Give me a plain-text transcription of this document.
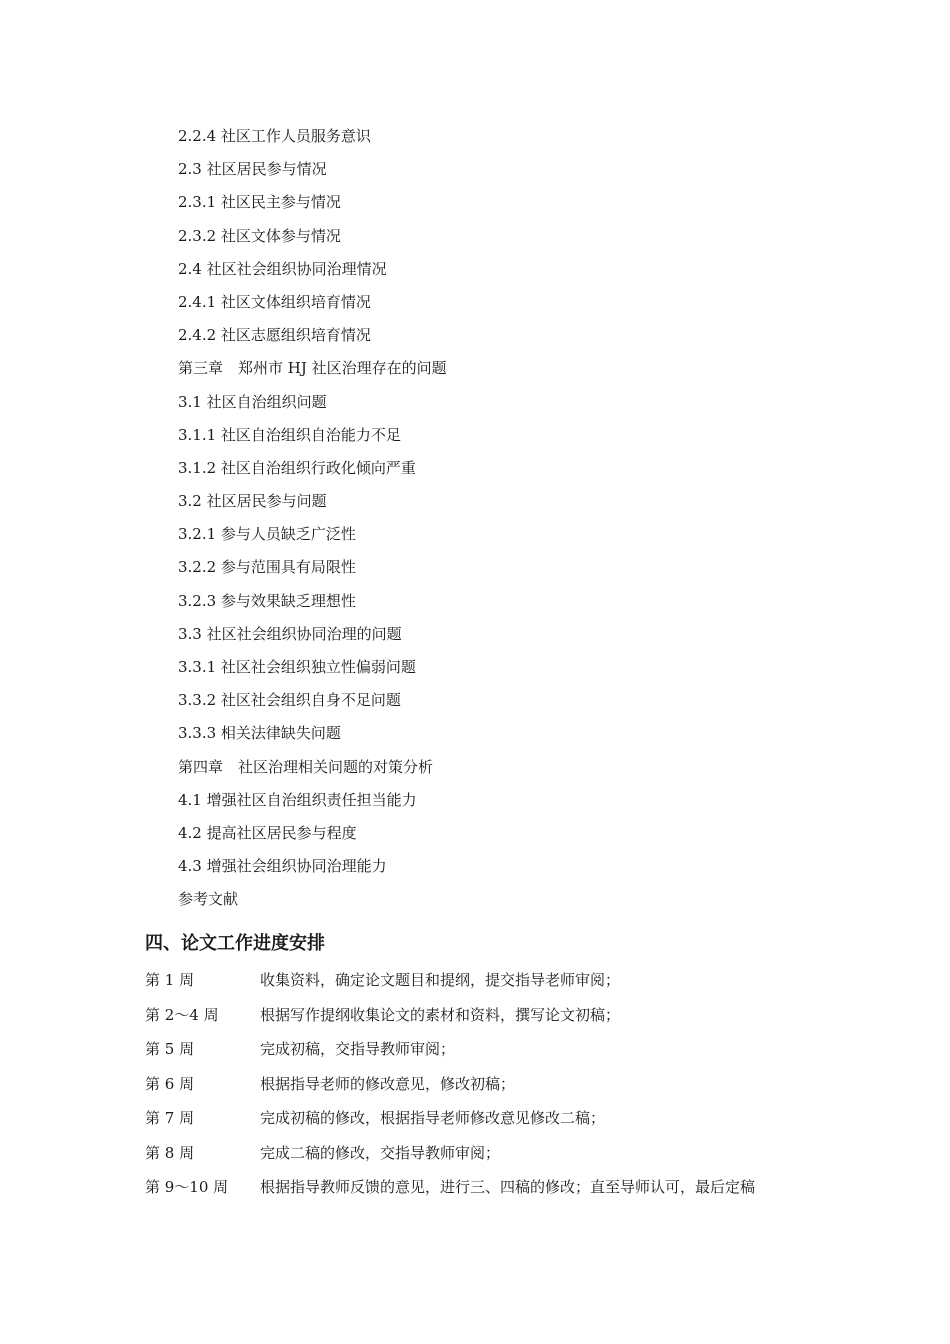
2.2.4 社区工作人员服务意识
2.3 社区居民参与情况
2.3.1 社区民主参与情况
2.3.2 社区文体参与情况
2.4 社区社会组织协同治理情况
2.4.1 社区文体组织培育情况
2.4.2 社区志愿组织培育情况
第三章　郑州市 HJ 社区治理存在的问题
3.1 社区自治组织问题
3.1.1 社区自治组织自治能力不足
3.1.2 社区自治组织行政化倾向严重
3.2 社区居民参与问题
3.2.1 参与人员缺乏广泛性
3.2.2 参与范围具有局限性
3.2.3 参与效果缺乏理想性
3.3 社区社会组织协同治理的问题
3.3.1 社区社会组织独立性偏弱问题
3.3.2 社区社会组织自身不足问题
3.3.3 相关法律缺失问题
第四章　社区治理相关问题的对策分析
4.1 增强社区自治组织责任担当能力
4.2 提高社区居民参与程度
4.3 增强社会组织协同治理能力
参考文献
四、论文工作进度安排
第 1 周	收集资料，确定论文题目和提纲，提交指导老师审阅；
第 2～4 周	根据写作提纲收集论文的素材和资料，撰写论文初稿；
第 5 周	完成初稿，交指导教师审阅；
第 6 周	根据指导老师的修改意见，修改初稿；
第 7 周	完成初稿的修改，根据指导老师修改意见修改二稿；
第 8 周	完成二稿的修改，交指导教师审阅；
第 9～10 周 根据指导教师反馈的意见，进行三、四稿的修改；直至导师认可，最后定稿
